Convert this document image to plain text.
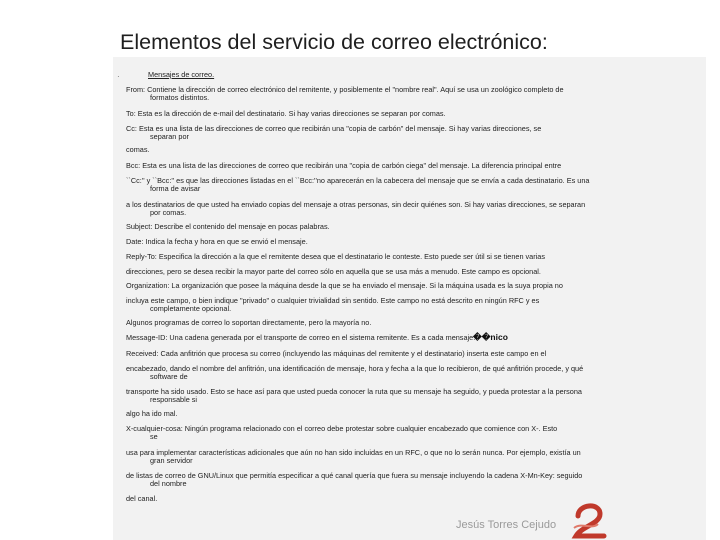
Elementos del servicio de correo electrónico:
·	Mensajes de correo.
From: Contiene la dirección de correo electrónico del remitente, y posiblemente el "nombre real". Aquí se usa un zoológico completo de
formatos distintos.
To: Esta es la dirección de e-mail del destinatario. Si hay varias direcciones se separan por comas.
Cc: Esta es una lista de las direcciones de correo que recibirán una "copia de carbón" del mensaje. Si hay varias direcciones, se
separan por
comas.
Bcc: Esta es una lista de las direcciones de correo que recibirán una "copia de carbón ciega" del mensaje. La diferencia principal entre
``Cc:'' y ``Bcc:'' es que las direcciones listadas en el ``Bcc:''no aparecerán en la cabecera del mensaje que se envía a cada destinatario. Es una
forma de avisar
a los destinatarios de que usted ha enviado copias del mensaje a otras personas, sin decir quiénes son. Si hay varias direcciones, se separan
por comas.
Subject: Describe el contenido del mensaje en pocas palabras.
Date: Indica la fecha y hora en que se envió el mensaje.
Reply-To: Especifica la dirección a la que el remitente desea que el destinatario le conteste. Esto puede ser útil si se tienen varias
direcciones, pero se desea recibir la mayor parte del correo sólo en aquella que se usa más a menudo. Este campo es opcional.
Organization: La organización que posee la máquina desde la que se ha enviado el mensaje. Si la máquina usada es la suya propia no
incluya este campo, o bien indique "privado" o cualquier trivialidad sin sentido. Este campo no está descrito en ningún RFC y es
completamente opcional.
Algunos programas de correo lo soportan directamente, pero la mayoría no.
Message-ID: Una cadena generada por el transporte de correo en el sistema remitente. Es a cada mensaje.
��nico
Received: Cada anfitrión que procesa su correo (incluyendo las máquinas del remitente y el destinatario) inserta este campo en el
encabezado, dando el nombre del anfitrión, una identificación de mensaje, hora y fecha a la que lo recibieron, de qué anfitrión procede, y qué
software de
transporte ha sido usado. Esto se hace así para que usted pueda conocer la ruta que su mensaje ha seguido, y pueda protestar a la persona
responsable si
algo ha ido mal.
X-cualquier-cosa: Ningún programa relacionado con el correo debe protestar sobre cualquier encabezado que comience con X-. Esto
se
usa para implementar características adicionales que aún no han sido incluidas en un RFC, o que no lo serán nunca. Por ejemplo, existía un
gran servidor
de listas de correo de GNU/Linux que permitía especificar a qué canal quería que fuera su mensaje incluyendo la cadena X-Mn-Key: seguido
del nombre
del canal.
Jesús Torres Cejudo
